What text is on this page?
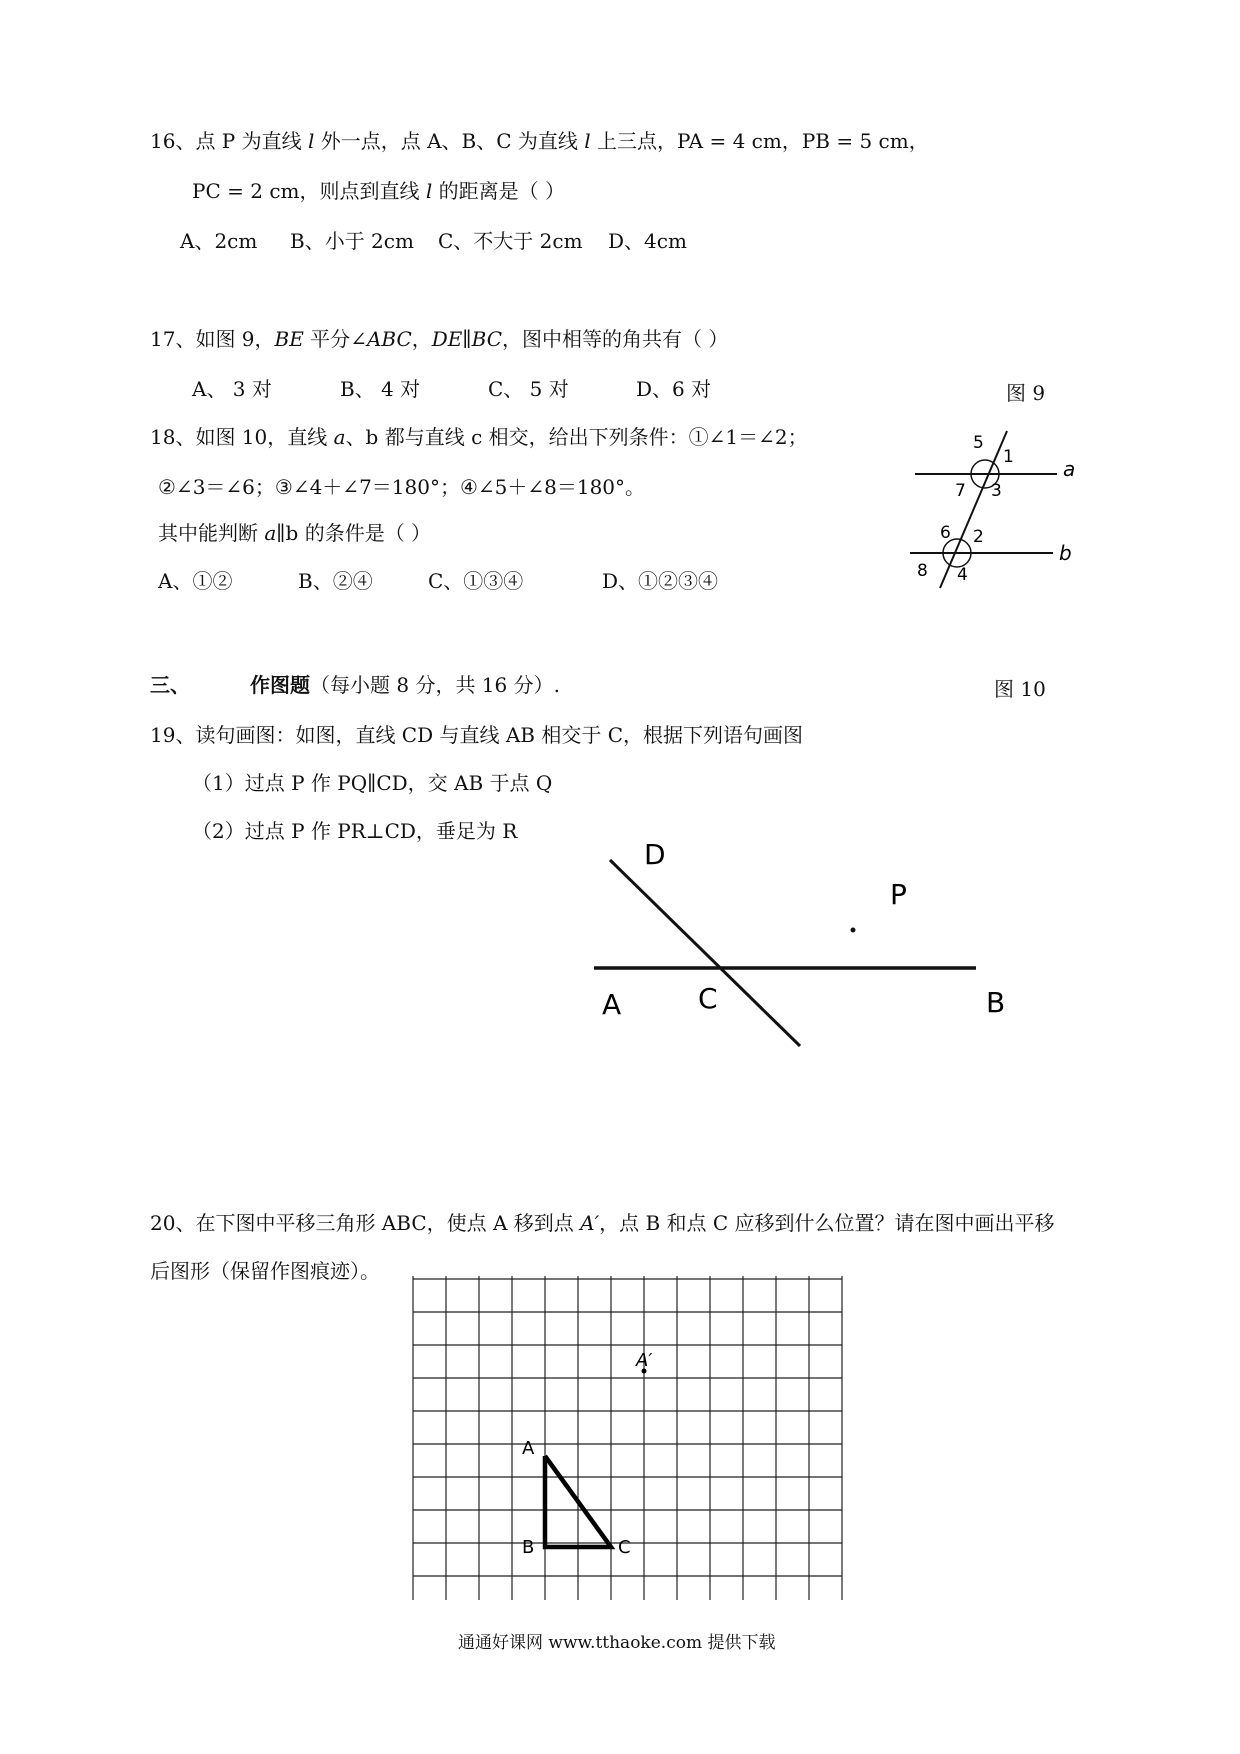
16、点 P 为直线 l 外一点，点 A、B、C 为直线 l 上三点，PA = 4 cm，PB = 5 cm，
PC = 2 cm，则点到直线 l 的距离是（ ）
A、2cm B、小于 2cm C、不大于 2cm D、4cm
17、如图 9，BE 平分∠ABC，DE∥BC，图中相等的角共有（ ）
A、 3 对	B、 4 对	C、 5 对	D、6 对	图 9
18、如图 10，直线 a、b 都与直线 c 相交，给出下列条件：①∠1＝∠2；
②∠3＝∠6；③∠4＋∠7＝180°；④∠5＋∠8＝180°。
其中能判断 a∥b 的条件是（ ）
A、①②	B、②④	C、①③④	D、①②③④
5
1
7 3
6 2
8 4
a
b
三、	作图题（每小题 8 分，共 16 分）.	图 10
19、读句画图：如图，直线 CD 与直线 AB 相交于 C，根据下列语句画图
（1）过点 P 作 PQ∥CD，交 AB 于点 Q
（2）过点 P 作 PR⊥CD，垂足为 R
D
P
A	C	B
20、在下图中平移三角形 ABC，使点 A 移到点 A′，点 B 和点 C 应移到什么位置？请在图中画出平移
后图形（保留作图痕迹）。
A′
A
B	C
通通好课网 www.tthaoke.com 提供下载
